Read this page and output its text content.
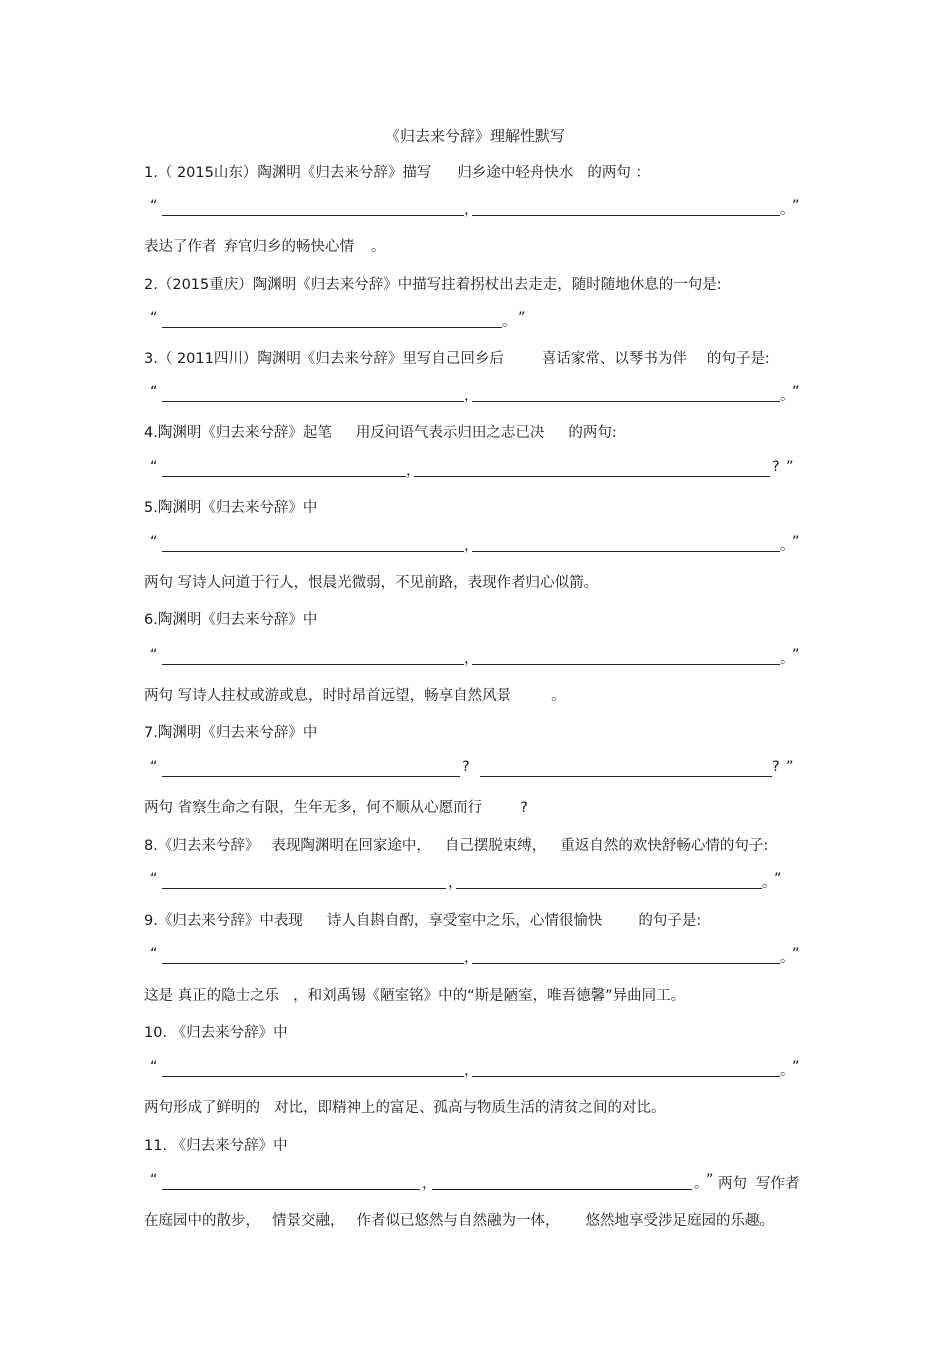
《归去来兮辞》理解性默写
1.（ 2015山东）陶渊明《归去来兮辞》描写 归乡途中轻舟快水 的两句 ：
“	，	。
”
表达了作者 弃官归乡的畅快心情 。
2.（2015重庆）陶渊明《归去来兮辞》中描写拄着拐杖出去走走，随时随地休息的一句是:
“	。 ”
3.（ 2011四川）陶渊明《归去来兮辞》里写自己回乡后	喜话家常、以琴书为伴 的句子是:
“	，	。
”
4.陶渊明《归去来兮辞》起笔 用反问语气表示归田之志已决 的两句:
“	，	? ”
5.陶渊明《归去来兮辞》中
“	，	。
”
两句 写诗人问道于行人，恨晨光微弱，不见前路，表现作者归心似箭。
6.陶渊明《归去来兮辞》中
“	，	。
”
两句 写诗人拄杖或游或息，时时昂首远望，畅享自然风景	。
7.陶渊明《归去来兮辞》中
“	?	? ”
两句 省察生命之有限，生年无多，何不顺从心愿而行	?
8.《归去来兮辞》 表现陶渊明在回家途中， 自己摆脱束缚， 重返自然的欢快舒畅心情的句子:
“	，	。
”
9.《归去来兮辞》中表现 诗人自斟自酌，享受室中之乐，心情很愉快 的句子是:
“	，	。
”
这是 真正的隐士之乐 ，和刘禹锡《陋室铭》中的“斯是陋室，唯吾德馨”异曲同工。
10. 《归去来兮辞》中
“	，	。
”
两句形成了鲜明的 对比，即精神上的富足、孤高与物质生活的清贫之间的对比。
11. 《归去来兮辞》中
“	，	。
” 两句 写作者
在庭园中的散步， 情景交融， 作者似已悠然与自然融为一体， 悠然地享受涉足庭园的乐趣。
